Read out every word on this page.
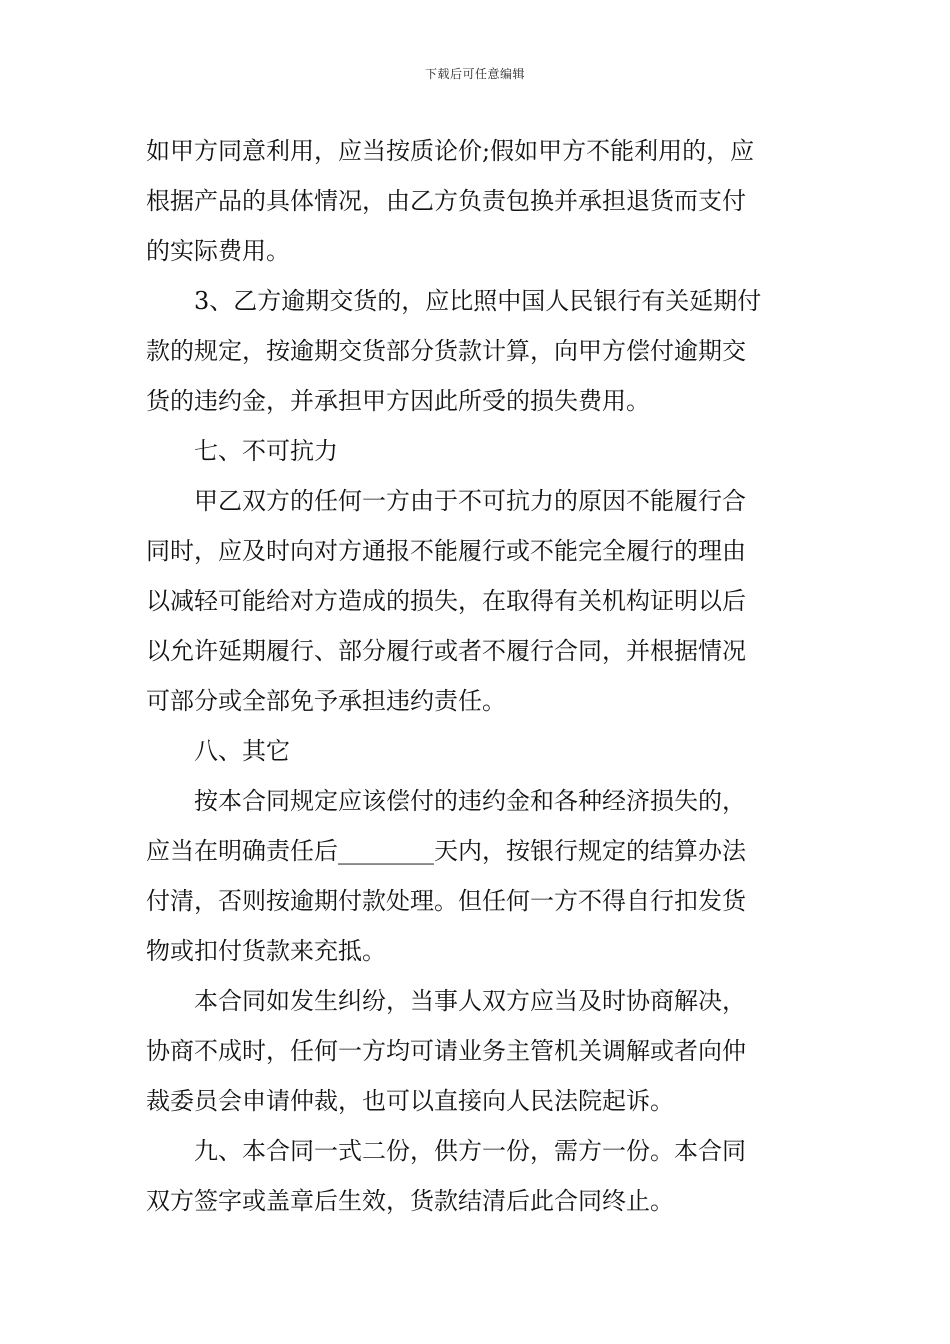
下载后可任意编辑
如甲方同意利用，应当按质论价;假如甲方不能利用的，应
根据产品的具体情况，由乙方负责包换并承担退货而支付
的实际费用。
3、乙方逾期交货的，应比照中国人民银行有关延期付
款的规定，按逾期交货部分货款计算，向甲方偿付逾期交
货的违约金，并承担甲方因此所受的损失费用。
七、不可抗力
甲乙双方的任何一方由于不可抗力的原因不能履行合
同时，应及时向对方通报不能履行或不能完全履行的理由
以减轻可能给对方造成的损失，在取得有关机构证明以后
以允许延期履行、部分履行或者不履行合同，并根据情况
可部分或全部免予承担违约责任。
八、其它
按本合同规定应该偿付的违约金和各种经济损失的，
应当在明确责任后________天内，按银行规定的结算办法
付清，否则按逾期付款处理。但任何一方不得自行扣发货
物或扣付货款来充抵。
本合同如发生纠纷，当事人双方应当及时协商解决，
协商不成时，任何一方均可请业务主管机关调解或者向仲
裁委员会申请仲裁，也可以直接向人民法院起诉。
九、本合同一式二份，供方一份，需方一份。本合同
双方签字或盖章后生效，货款结清后此合同终止。
